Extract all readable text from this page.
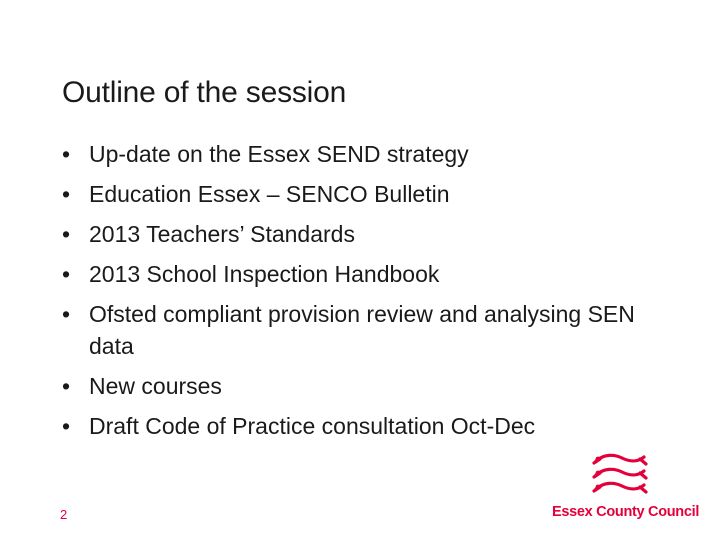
Outline of the session
• Up-date on the Essex SEND strategy
• Education Essex – SENCO Bulletin
• 2013 Teachers’ Standards
• 2013 School Inspection Handbook
• Ofsted compliant provision review and analysing SEN data
• New courses
• Draft Code of Practice consultation Oct-Dec
2	Essex County Council
